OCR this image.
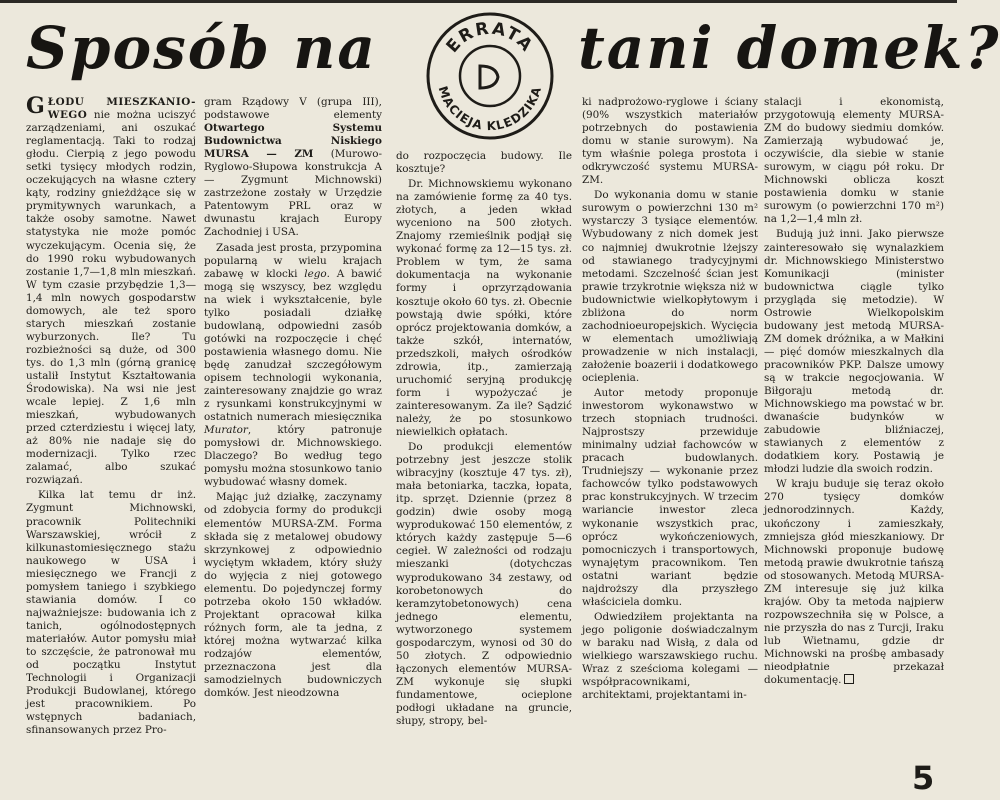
Sposób na	tani domek?
ERRATA
MACIEJA KLEDZIKA

GŁODU MIESZKANIO-WEGO nie można uciszyć zarządzeniami, ani oszukać reglamentacją. Taki to rodzaj głodu. Cierpią z jego powodu setki tysięcy młodych rodzin, oczekujących na własne cztery kąty, rodziny gnieżdżące się w prymitywnych warunkach, a także osoby samotne. Nawet statystyka nie może pomóc wyczekującym. Ocenia się, że do 1990 roku wybudowanych zostanie 1,7—1,8 mln mieszkań. W tym czasie przybędzie 1,3—1,4 mln nowych gospodarstw domowych, ale też sporo starych mieszkań zostanie wyburzonych. Ile? Tu rozbieżności są duże, od 300 tys. do 1,3 mln (górną granicę ustalił Instytut Kształtowania Środowiska). Na wsi nie jest wcale lepiej. Z 1,6 mln mieszkań, wybudowanych przed czterdziestu i więcej laty, aż 80% nie nadaje się do modernizacji. Tylko rzec zalamać, albo szukać rozwiązań.

Kilka lat temu dr inż. Zygmunt Michnowski, pracownik Politechniki Warszawskiej, wrócił z kilkunastomiesięcznego stażu naukowego w USA i miesięcznego we Francji z pomysłem taniego i szybkiego stawiania domów. I co najważniejsze: budowania ich z tanich, ogólnodostępnych materiałów. Autor pomysłu miał to szczęście, że patronował mu od początku Instytut Technologii i Organizacji Produkcji Budowlanej, którego jest pracownikiem. Po wstępnych badaniach, sfinansowanych przez Pro-

gram Rządowy V (grupa III), podstawowe elementy Otwartego Systemu Budownictwa Niskiego MURSA — ZM (Murowo-Ryglowo-Słupowa konstrukcja A — Zygmunt Michnowski) zastrzeżone zostały w Urzędzie Patentowym PRL oraz w dwunastu krajach Europy Zachodniej i USA.

Zasada jest prosta, przypomina popularną w wielu krajach zabawę w klocki lego. A bawić mogą się wszyscy, bez względu na wiek i wykształcenie, byle tylko posiadali działkę budowlaną, odpowiedni zasób gotówki na rozpoczęcie i chęć postawienia własnego domu. Nie będę zanudzał szczegółowym opisem technologii wykonania, zainteresowany znajdzie go wraz z rysunkami konstrukcyjnymi w ostatnich numerach miesięcznika Murator, który patronuje pomysłowi dr. Michnowskiego. Dlaczego? Bo według tego pomysłu można stosunkowo tanio wybudować własny domek.

Mając już działkę, zaczynamy od zdobycia formy do produkcji elementów MURSA-ZM. Forma składa się z metalowej obudowy skrzynkowej z odpowiednio wyciętym wkładem, który służy do wyjęcia z niej gotowego elementu. Do pojedynczej formy potrzeba około 150 wkładów. Projektant opracował kilka różnych form, ale ta jedna, z której można wytwarzać kilka rodzajów elementów, przeznaczona jest dla samodzielnych budowniczych domków. Jest nieodzowna

do rozpoczęcia budowy. Ile kosztuje?

Dr. Michnowskiemu wykonano na zamówienie formę za 40 tys. złotych, a jeden wkład wyceniono na 500 złotych. Znajomy rzemieślnik podjął się wykonać formę za 12—15 tys. zł. Problem w tym, że sama dokumentacja na wykonanie formy i oprzyrządowania kosztuje około 60 tys. zł. Obecnie powstają dwie spółki, które oprócz projektowania domków, a także szkół, internatów, przedszkoli, małych ośrodków zdrowia, itp., zamierzają uruchomić seryjną produkcję form i wypożyczać je zainteresowanym. Za ile? Sądzić należy, że po stosunkowo niewielkich opłatach.

Do produkcji elementów potrzebny jest jeszcze stolik wibracyjny (kosztuje 47 tys. zł), mała betoniarka, taczka, łopata, itp. sprzęt. Dziennie (przez 8 godzin) dwie osoby mogą wyprodukować 150 elementów, z których każdy zastępuje 5—6 cegieł. W zależności od rodzaju mieszanki (dotychczas wyprodukowano 34 zestawy, od korobetonowych do keramzytobetonowych) cena jednego elementu, wytworzonego systemem gospodarczym, wynosi od 30 do 50 złotych. Z odpowiednio łączonych elementów MURSA-ZM wykonuje się słupki fundamentowe, ocieplone podłogi układane na gruncie, słupy, stropy, bel-

ki nadprożowo-ryglowe i ściany (90% wszystkich materiałów potrzebnych do postawienia domu w stanie surowym). Na tym właśnie polega prostota i odkrywczość systemu MURSA-ZM.

Do wykonania domu w stanie surowym o powierzchni 130 m² wystarczy 3 tysiące elementów. Wybudowany z nich domek jest co najmniej dwukrotnie lżejszy od stawianego tradycyjnymi metodami. Szczelność ścian jest prawie trzykrotnie większa niż w budownictwie wielkopłytowym i zbliżona do norm zachodnioeuropejskich. Wycięcia w elementach umożliwiają prowadzenie w nich instalacji, założenie boazerii i dodatkowego ocieplenia.

Autor metody proponuje inwestorom wykonawstwo w trzech stopniach trudności. Najprostszy przewiduje minimalny udział fachowców w pracach budowlanych. Trudniejszy — wykonanie przez fachowców tylko podstawowych prac konstrukcyjnych. W trzecim wariancie inwestor zleca wykonanie wszystkich prac, oprócz wykończeniowych, pomocniczych i transportowych, wynajętym pracownikom. Ten ostatni wariant będzie najdroższy dla przyszłego właściciela domku.

Odwiedziłem projektanta na jego poligonie doświadczalnym w baraku nad Wisłą, z dala od wielkiego warszawskiego ruchu. Wraz z sześcioma kolegami — współpracownikami, architektami, projektantami in-

stalacji i ekonomistą, przygotowują elementy MURSA-ZM do budowy siedmiu domków. Zamierzają wybudować je, oczywiście, dla siebie w stanie surowym, w ciągu pół roku. Dr Michnowski oblicza koszt postawienia domku w stanie surowym (o powierzchni 170 m²) na 1,2—1,4 mln zł.

Budują już inni. Jako pierwsze zainteresowało się wynalazkiem dr. Michnowskiego Ministerstwo Komunikacji (minister budownictwa ciągle tylko przygląda się metodzie). W Ostrowie Wielkopolskim budowany jest metodą MURSA-ZM domek dróżnika, a w Małkini — pięć domów mieszkalnych dla pracowników PKP. Dalsze umowy są w trakcie negocjowania. W Biłgoraju metodą dr. Michnowskiego ma powstać w br. dwanaście budynków w zabudowie bliźniaczej, stawianych z elementów z dodatkiem kory. Postawią je młodzi ludzie dla swoich rodzin.

W kraju buduje się teraz około 270 tysięcy domków jednorodzinnych. Każdy, ukończony i zamieszkały, zmniejsza głód mieszkaniowy. Dr Michnowski proponuje budowę metodą prawie dwukrotnie tańszą od stosowanych. Metodą MURSA-ZM interesuje się już kilka krajów. Oby ta metoda najpierw rozpowszechniła się w Polsce, a nie przyszła do nas z Turcji, Iraku lub Wietnamu, gdzie dr Michnowski na prośbę ambasady nieodpłatnie przekazał dokumentację.

5
